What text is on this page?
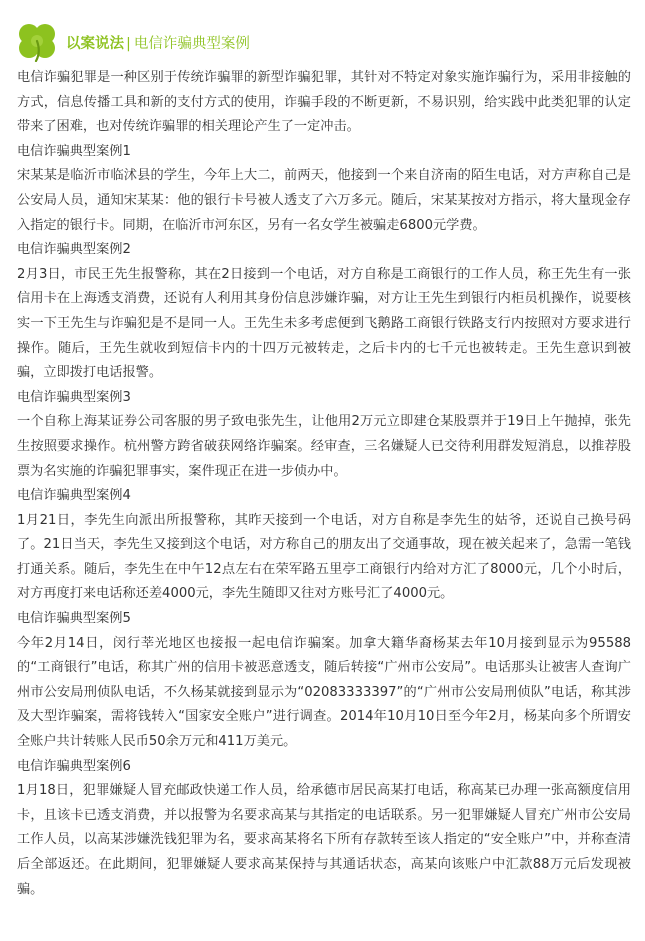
以案说法 | 电信诈骗典型案例

电信诈骗犯罪是一种区别于传统诈骗罪的新型诈骗犯罪，其针对不特定对象实施诈骗行为，采用非接触的方式，信息传播工具和新的支付方式的使用，诈骗手段的不断更新，不易识别，给实践中此类犯罪的认定带来了困难，也对传统诈骗罪的相关理论产生了一定冲击。

电信诈骗典型案例1

宋某某是临沂市临沭县的学生，今年上大二，前两天，他接到一个来自济南的陌生电话，对方声称自己是公安局人员，通知宋某某：他的银行卡号被人透支了六万多元。随后，宋某某按对方指示，将大量现金存入指定的银行卡。同期，在临沂市河东区，另有一名女学生被骗走6800元学费。

电信诈骗典型案例2

2月3日，市民王先生报警称，其在2日接到一个电话，对方自称是工商银行的工作人员，称王先生有一张信用卡在上海透支消费，还说有人利用其身份信息涉嫌诈骗，对方让王先生到银行内柜员机操作，说要核实一下王先生与诈骗犯是不是同一人。王先生未多考虑便到飞鹅路工商银行铁路支行内按照对方要求进行操作。随后，王先生就收到短信卡内的十四万元被转走，之后卡内的七千元也被转走。王先生意识到被骗，立即拨打电话报警。

电信诈骗典型案例3

一个自称上海某证券公司客服的男子致电张先生，让他用2万元立即建仓某股票并于19日上午抛掉，张先生按照要求操作。杭州警方跨省破获网络诈骗案。经审查，三名嫌疑人已交待利用群发短消息，以推荐股票为名实施的诈骗犯罪事实，案件现正在进一步侦办中。

电信诈骗典型案例4

1月21日，李先生向派出所报警称，其昨天接到一个电话，对方自称是李先生的姑爷，还说自己换号码了。21日当天，李先生又接到这个电话，对方称自己的朋友出了交通事故，现在被关起来了，急需一笔钱打通关系。随后，李先生在中午12点左右在荣军路五里亭工商银行内给对方汇了8000元，几个小时后，对方再度打来电话称还差4000元，李先生随即又往对方账号汇了4000元。

电信诈骗典型案例5

今年2月14日，闵行莘光地区也接报一起电信诈骗案。加拿大籍华裔杨某去年10月接到显示为95588的“工商银行”电话，称其广州的信用卡被恶意透支，随后转接“广州市公安局”。电话那头让被害人查询广州市公安局刑侦队电话，不久杨某就接到显示为“02083333397”的“广州市公安局刑侦队”电话，称其涉及大型诈骗案，需将钱转入“国家安全账户”进行调查。2014年10月10日至今年2月，杨某向多个所谓安全账户共计转账人民币50余万元和411万美元。

电信诈骗典型案例6

1月18日，犯罪嫌疑人冒充邮政快递工作人员，给承德市居民高某打电话，称高某已办理一张高额度信用卡，且该卡已透支消费，并以报警为名要求高某与其指定的电话联系。另一犯罪嫌疑人冒充广州市公安局工作人员，以高某涉嫌洗钱犯罪为名，要求高某将名下所有存款转至该人指定的“安全账户”中，并称查清后全部返还。在此期间，犯罪嫌疑人要求高某保持与其通话状态，高某向该账户中汇款88万元后发现被骗。
